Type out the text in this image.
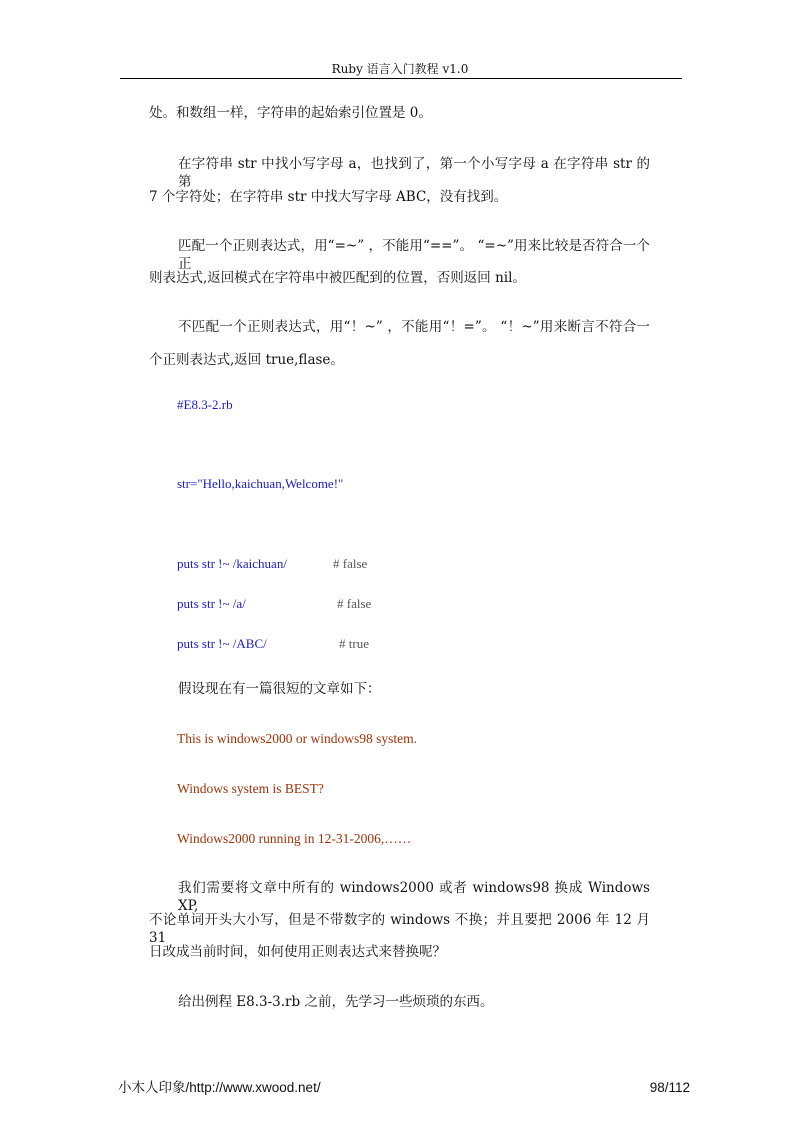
Ruby 语言入门教程 v1.0
处。和数组一样，字符串的起始索引位置是 0。
在字符串 str 中找小写字母 a，也找到了，第一个小写字母 a 在字符串 str 的第
7 个字符处；在字符串 str 中找大写字母 ABC，没有找到。
匹配一个正则表达式，用“=~” ，不能用“==”。 “=~”用来比较是否符合一个正
则表达式,返回模式在字符串中被匹配到的位置，否则返回 nil。
不匹配一个正则表达式，用“！~” ，不能用“！=”。 “！~”用来断言不符合一
个正则表达式,返回 true,flase。
#E8.3-2.rb
str="Hello,kaichuan,Welcome!"
puts str !~ /kaichuan/	# false
puts str !~ /a/	# false
puts str !~ /ABC/	# true
假设现在有一篇很短的文章如下：
This is windows2000 or windows98 system.
Windows system is BEST?
Windows2000 running in 12-31-2006,……
我们需要将文章中所有的 windows2000 或者 windows98 换成 Windows XP,
不论单词开头大小写，但是不带数字的 windows 不换；并且要把 2006 年 12 月 31
日改成当前时间，如何使用正则表达式来替换呢？
给出例程 E8.3-3.rb 之前，先学习一些烦琐的东西。
小木人印象/http://www.xwood.net/	98/112
